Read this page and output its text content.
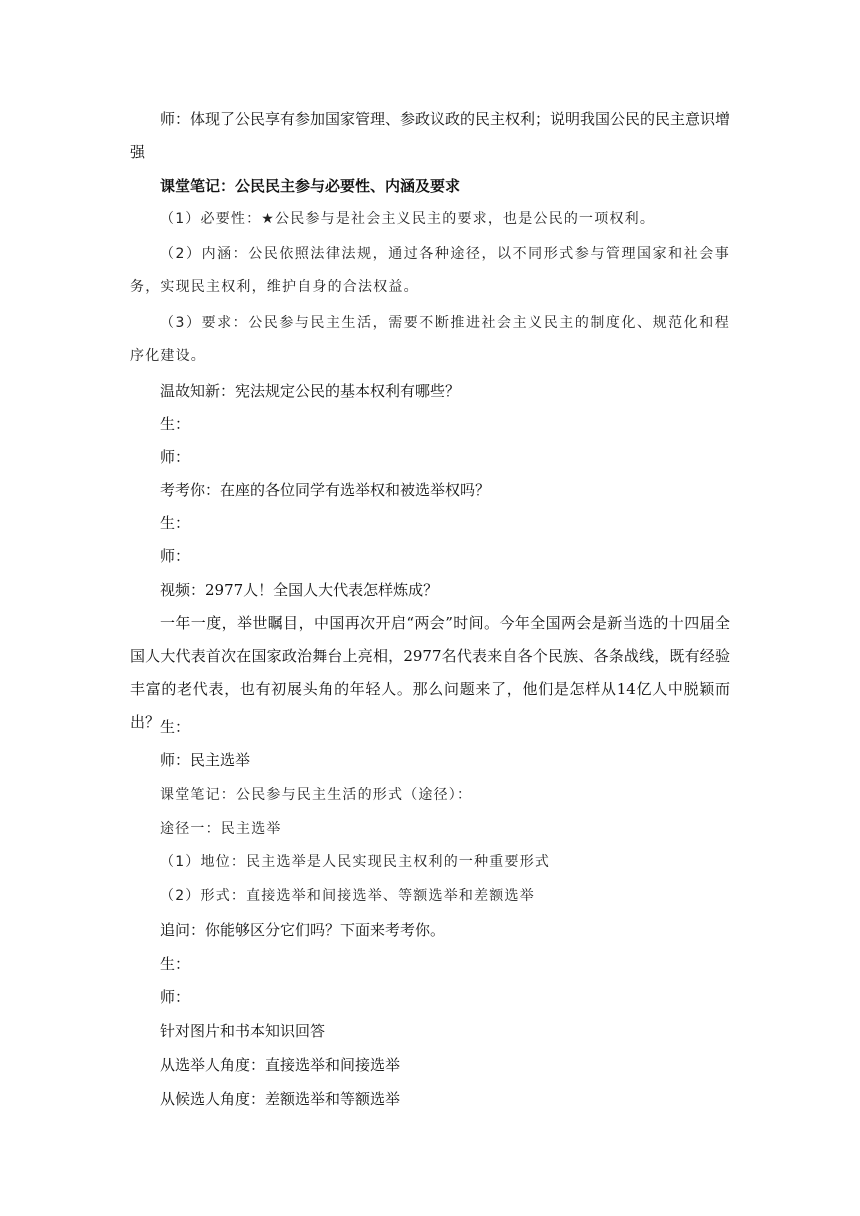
师：体现了公民享有参加国家管理、参政议政的民主权利；说明我国公民的民主意识增强

课堂笔记：公民民主参与必要性、内涵及要求

（1）必要性：★公民参与是社会主义民主的要求，也是公民的一项权利。

（2）内涵：公民依照法律法规，通过各种途径，以不同形式参与管理国家和社会事务，实现民主权利，维护自身的合法权益。

（3）要求：公民参与民主生活，需要不断推进社会主义民主的制度化、规范化和程序化建设。

温故知新：宪法规定公民的基本权利有哪些？

生：

师：

考考你：在座的各位同学有选举权和被选举权吗？

生：

师：

视频：2977人！全国人大代表怎样炼成？

一年一度，举世瞩目，中国再次开启“两会”时间。今年全国两会是新当选的十四届全国人大代表首次在国家政治舞台上亮相，2977名代表来自各个民族、各条战线，既有经验丰富的老代表，也有初展头角的年轻人。那么问题来了，他们是怎样从14亿人中脱颖而出？ 生：

师：民主选举

课堂笔记：公民参与民主生活的形式（途径）：

途径一：民主选举

（1）地位：民主选举是人民实现民主权利的一种重要形式

（2）形式：直接选举和间接选举、等额选举和差额选举

追问：你能够区分它们吗？下面来考考你。

生：

师：

针对图片和书本知识回答

从选举人角度：直接选举和间接选举

从候选人角度：差额选举和等额选举
